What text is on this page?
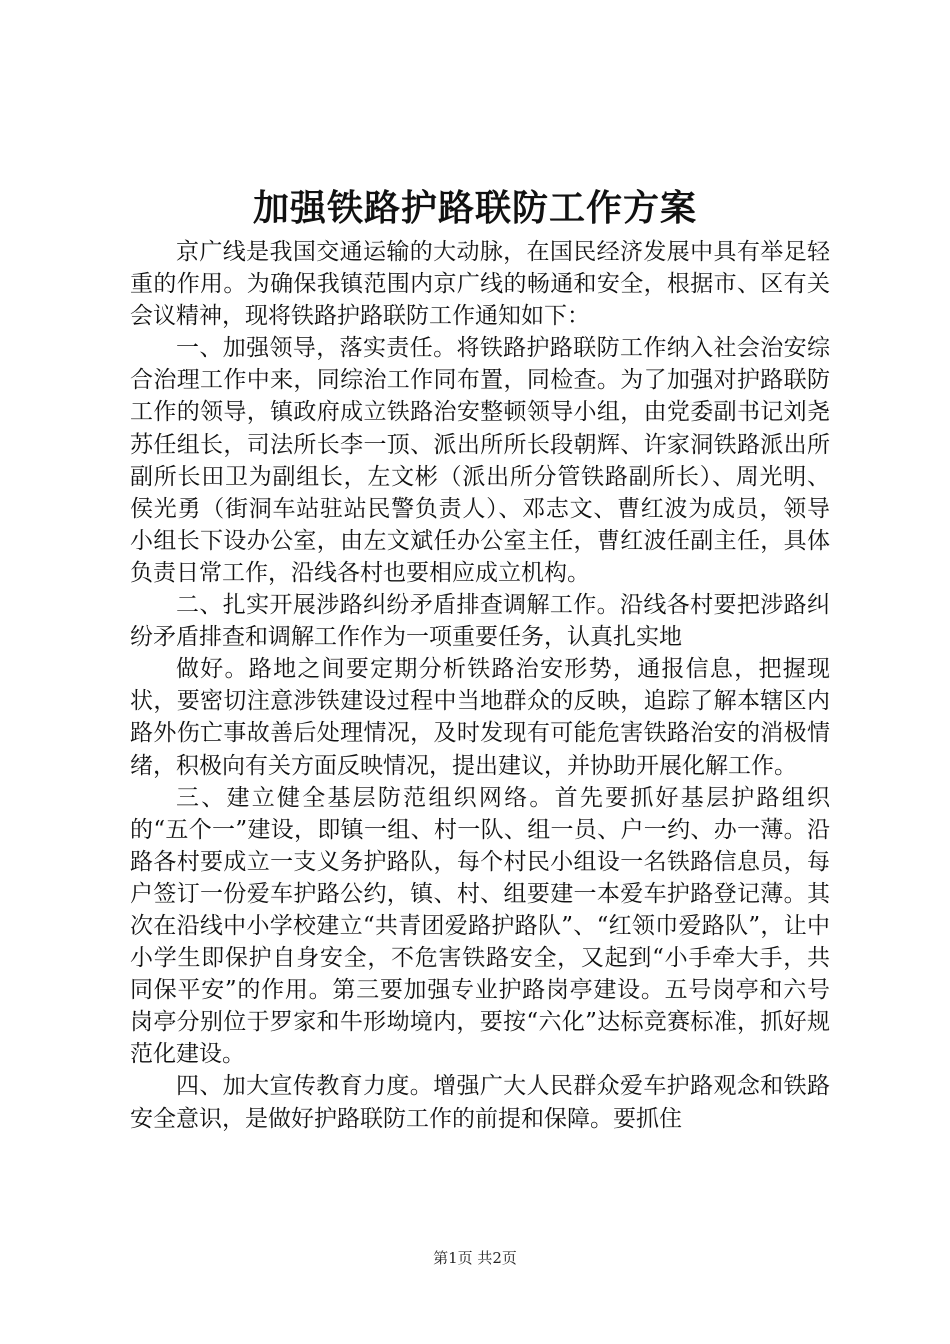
加强铁路护路联防工作方案

京广线是我国交通运输的大动脉，在国民经济发展中具有举足轻重的作用。为确保我镇范围内京广线的畅通和安全，根据市、区有关会议精神，现将铁路护路联防工作通知如下：

一、加强领导，落实责任。将铁路护路联防工作纳入社会治安综合治理工作中来，同综治工作同布置，同检查。为了加强对护路联防工作的领导，镇政府成立铁路治安整顿领导小组，由党委副书记刘尧苏任组长，司法所长李一顶、派出所所长段朝辉、许家洞铁路派出所副所长田卫为副组长，左文彬（派出所分管铁路副所长）、周光明、侯光勇（街洞车站驻站民警负责人）、邓志文、曹红波为成员，领导小组长下设办公室，由左文斌任办公室主任，曹红波任副主任，具体负责日常工作，沿线各村也要相应成立机构。

二、扎实开展涉路纠纷矛盾排查调解工作。沿线各村要把涉路纠纷矛盾排查和调解工作作为一项重要任务，认真扎实地

做好。路地之间要定期分析铁路治安形势，通报信息，把握现状，要密切注意涉铁建设过程中当地群众的反映，追踪了解本辖区内路外伤亡事故善后处理情况，及时发现有可能危害铁路治安的消极情绪，积极向有关方面反映情况，提出建议，并协助开展化解工作。

三、建立健全基层防范组织网络。首先要抓好基层护路组织的“五个一”建设，即镇一组、村一队、组一员、户一约、办一薄。沿路各村要成立一支义务护路队，每个村民小组设一名铁路信息员，每户签订一份爱车护路公约，镇、村、组要建一本爱车护路登记薄。其次在沿线中小学校建立“共青团爱路护路队”、“红领巾爱路队”，让中小学生即保护自身安全，不危害铁路安全，又起到“小手牵大手，共同保平安”的作用。第三要加强专业护路岗亭建设。五号岗亭和六号岗亭分别位于罗家和牛形坳境内，要按“六化”达标竞赛标准，抓好规范化建设。

四、加大宣传教育力度。增强广大人民群众爱车护路观念和铁路安全意识，是做好护路联防工作的前提和保障。要抓住

第1页 共2页
